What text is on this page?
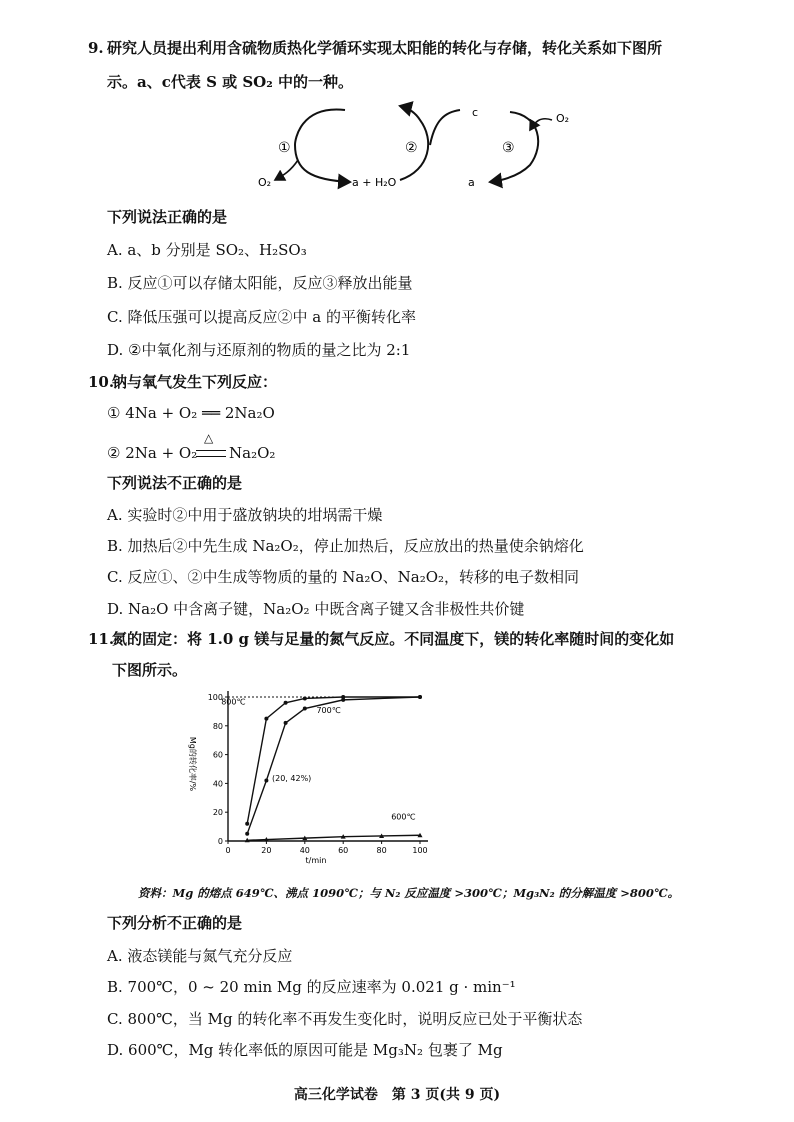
9. 研究人员提出利用含硫物质热化学循环实现太阳能的转化与存储，转化关系如下图所
示。a、c代表 S 或 SO₂ 中的一种。
①	②	③
O₂	a + H₂O	a
c	O₂
下列说法正确的是
A. a、b 分别是 SO₂、H₂SO₃
B. 反应①可以存储太阳能，反应③释放出能量
C. 降低压强可以提高反应②中 a 的平衡转化率
D. ②中氧化剂与还原剂的物质的量之比为 2:1
10.
钠与氧气发生下列反应：
① 4Na + O₂ ══ 2Na₂O
② 2Na + O₂
△
Na₂O₂
下列说法不正确的是
A. 实验时②中用于盛放钠块的坩埚需干燥
B. 加热后②中先生成 Na₂O₂，停止加热后，反应放出的热量使余钠熔化
C. 反应①、②中生成等物质的量的 Na₂O、Na₂O₂，转移的电子数相同
D. Na₂O 中含离子键，Na₂O₂ 中既含离子键又含非极性共价键
11.
氮的固定：将 1.0 g 镁与足量的氮气反应。不同温度下，镁的转化率随时间的变化如
下图所示。
0	20	40	60	80	100
0
20
40
60
80
100
800℃
700℃
600℃
Mg的转化率/%
t/min
(20, 42%)
资料：Mg 的熔点 649℃、沸点 1090℃；与 N₂ 反应温度 >300℃；Mg₃N₂ 的分解温度 >800℃。
下列分析不正确的是
A. 液态镁能与氮气充分反应
B. 700℃，0 ~ 20 min Mg 的反应速率为 0.021 g · min⁻¹
C. 800℃，当 Mg 的转化率不再发生变化时，说明反应已处于平衡状态
D. 600℃，Mg 转化率低的原因可能是 Mg₃N₂ 包裹了 Mg
高三化学试卷　第 3 页(共 9 页)
